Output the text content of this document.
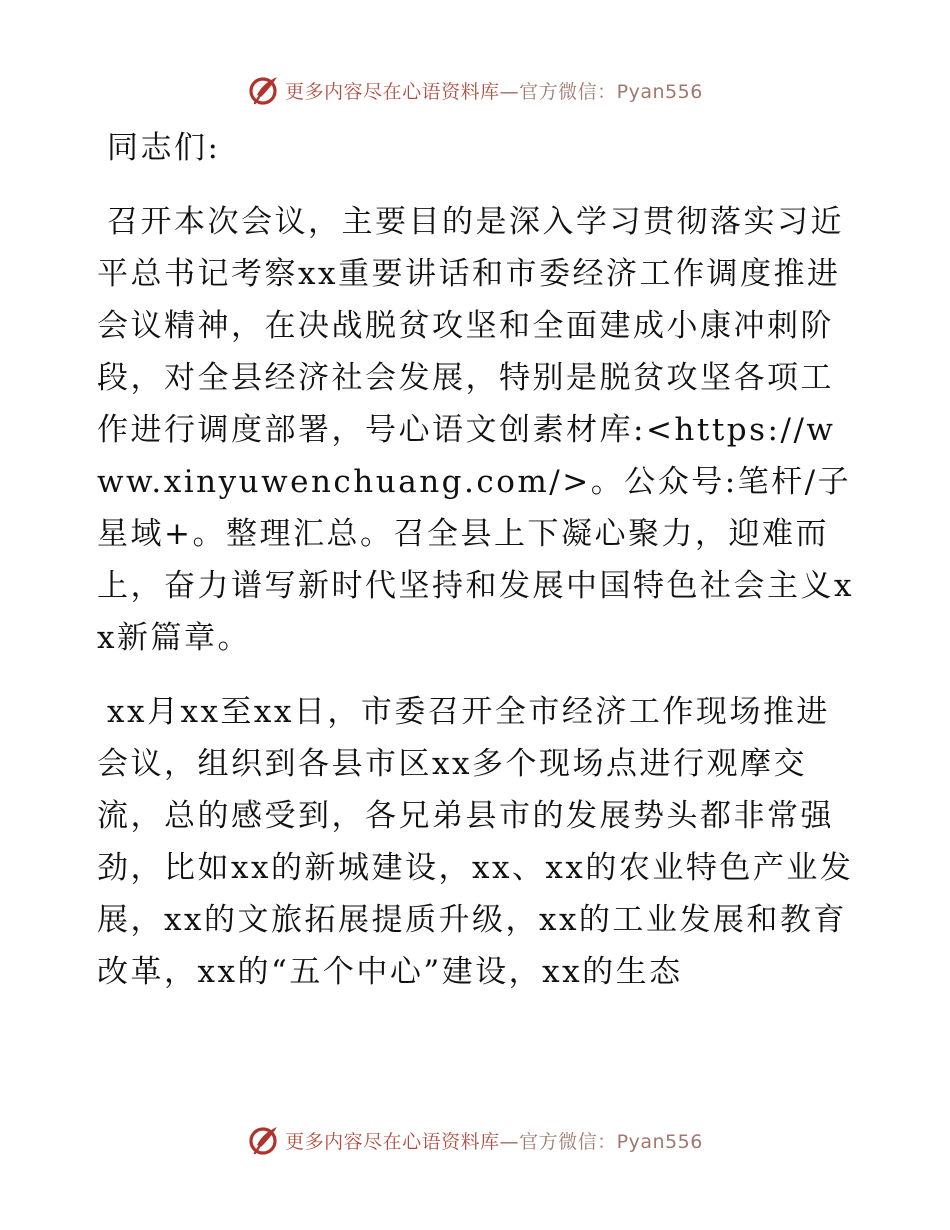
更多内容尽在心语资料库—官方微信：Pyan556
同志们:
召开本次会议，主要目的是深入学习贯彻落实习近平总书记考察xx重要讲话和市委经济工作调度推进会议精神，在决战脱贫攻坚和全面建成小康冲刺阶段，对全县经济社会发展，特别是脱贫攻坚各项工作进行调度部署，号心语文创素材库:<https://www.xinyuwenchuang.com/>。公众号:笔杆/子星域+。整理汇总。召全县上下凝心聚力，迎难而上，奋力谱写新时代坚持和发展中国特色社会主义xx新篇章。
xx月xx至xx日，市委召开全市经济工作现场推进会议，组织到各县市区xx多个现场点进行观摩交流，总的感受到，各兄弟县市的发展势头都非常强劲，比如xx的新城建设，xx、xx的农业特色产业发展，xx的文旅拓展提质升级，xx的工业发展和教育改革，xx的“五个中心”建设，xx的生态
更多内容尽在心语资料库—官方微信：Pyan556
